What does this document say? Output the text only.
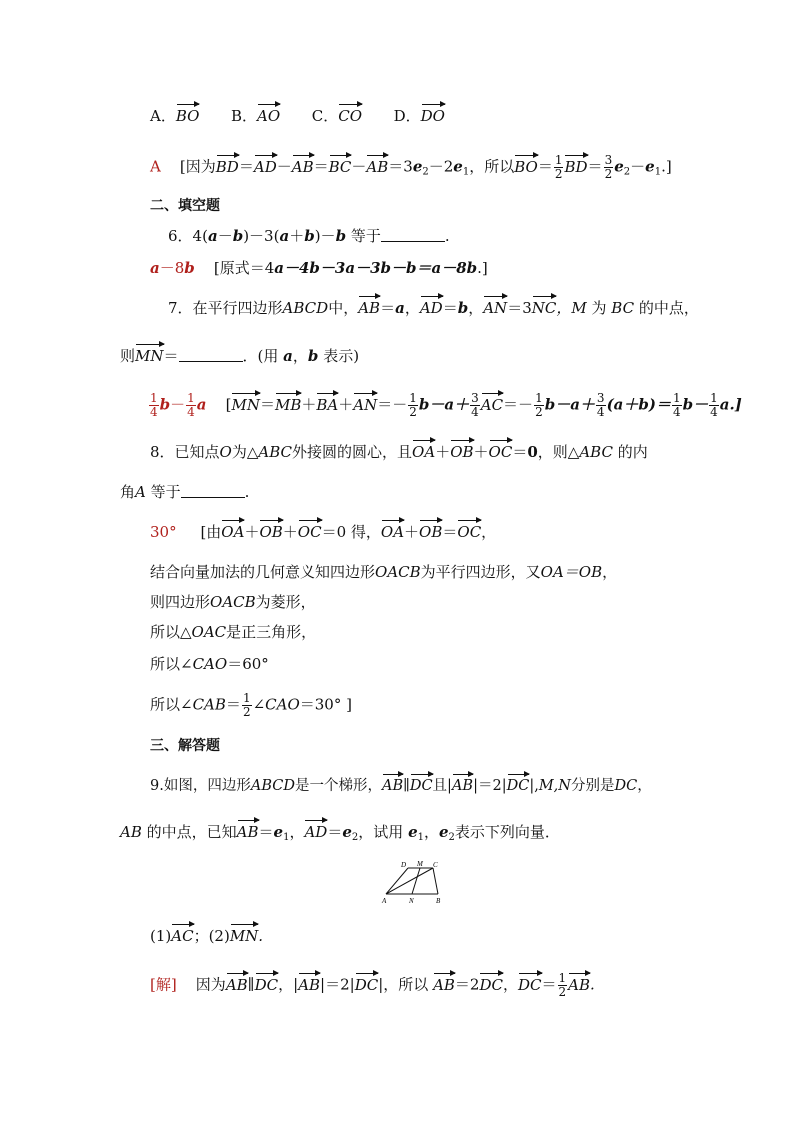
A．BO B．AO C．CO D．DO
A [因为$BD=AD-AB=BC-AB=3e_2-2e_1$，所以$BO= \frac{1}{2} BD= \frac{3}{2} e_2-e_1$.]
二、填空题
6．4(a－b)－3(a＋b)－b 等于	.
a－8b [原式＝4a－4b－3a－3b－b＝a－8b.]
7．在平行四边形ABCD中，AB＝a，AD＝b，AN＝3NC，M 为 BC 的中点，
则MN＝	．(用 a，b 表示)
$\frac{1}{4} b- \frac{1}{4}$ a $[MN=MB+BA+AN=- \frac{1}{2} b-a+ \frac{3}{4} AC=- \frac{1}{2} b-a+ \frac{3}{4} (a+b)= \frac{1}{4} b- \frac{1}{4} a.]$
8．已知点O为△ABC外接圆的圆心，且OA＋OB＋OC＝0，则△ABC 的内
角A 等于	.
30° [由OA＋OB＋OC＝0 得，OA＋OB＝OC，
结合向量加法的几何意义知四边形OACB为平行四边形，又OA＝OB，
则四边形OACB为菱形，
所以△OAC是正三角形，
所以∠CAO＝60°
所以∠CAB＝ $\frac{1}{2}$ ∠CAO＝30° ]
三、解答题
9.如图，四边形ABCD是一个梯形，AB∥DC且|AB|＝2|DC|,M,N分别是DC，
AB 的中点，已知$AB=e_1$，$AD=e_2$，试用 $e_1$，$e_2$表示下列向量．
D M C
A	N	B
(1)AC；(2)MN.
[解] 因为AB∥DC，|AB|＝2|DC|，所以 AB＝2DC，$DC= \frac{1}{2}$ AB.
